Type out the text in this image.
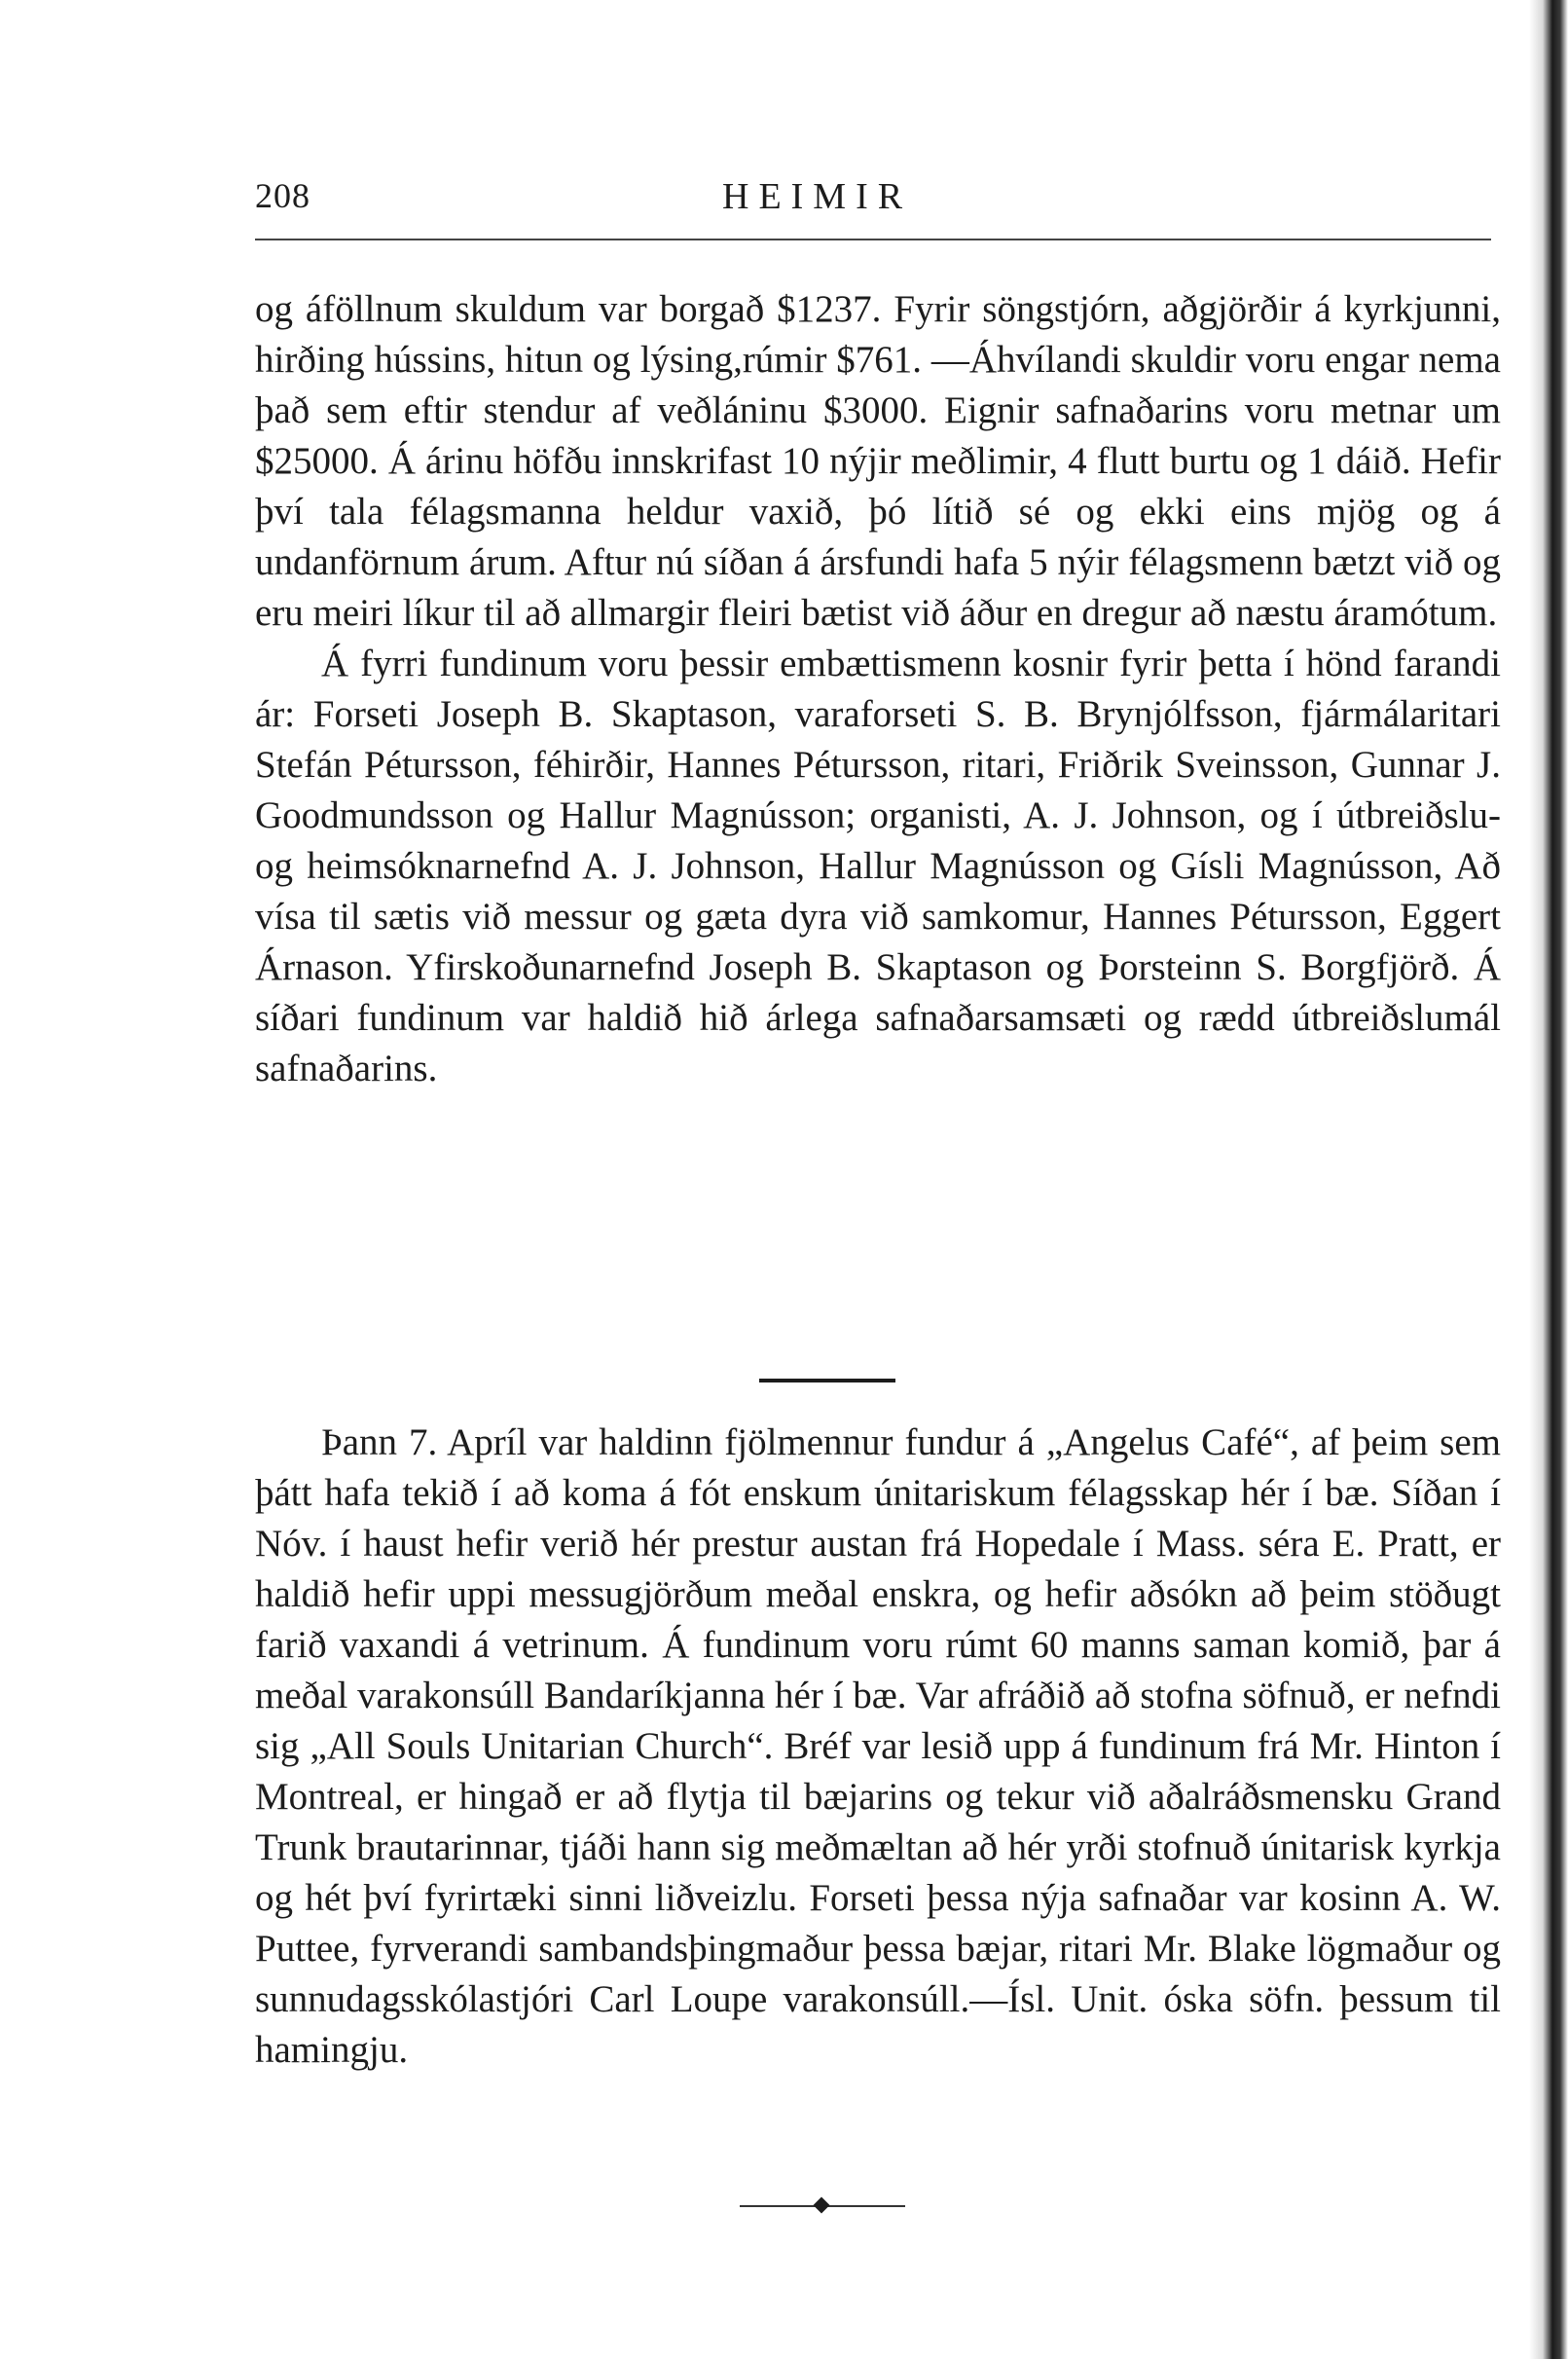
208	HEIMIR

og áföllnum skuldum var borgað $1237. Fyrir söngstjórn, aðgjörðir á kyrkjunni, hirðing hússins, hitun og lýsing,rúmir $761. —Áhvílandi skuldir voru engar nema það sem eftir stendur af veðláninu $3000. Eignir safnaðarins voru metnar um $25000. Á árinu höfðu innskrifast 10 nýjir meðlimir, 4 flutt burtu og 1 dáið. Hefir því tala félagsmanna heldur vaxið, þó lítið sé og ekki eins mjög og á undanförnum árum. Aftur nú síðan á ársfundi hafa 5 nýir félagsmenn bætzt við og eru meiri líkur til að allmargir fleiri bætist við áður en dregur að næstu áramótum.

Á fyrri fundinum voru þessir embættismenn kosnir fyrir þetta í hönd farandi ár: Forseti Joseph B. Skaptason, varaforseti S. B. Brynjólfsson, fjármálaritari Stefán Pétursson, féhirðir, Hannes Pétursson, ritari, Friðrik Sveinsson, Gunnar J. Goodmundsson og Hallur Magnússon; organisti, A. J. Johnson, og í útbreiðslu- og heimsóknarnefnd A. J. Johnson, Hallur Magnússon og Gísli Magnússon, Að vísa til sætis við messur og gæta dyra við samkomur, Hannes Pétursson, Eggert Árnason. Yfirskoðunarnefnd Joseph B. Skaptason og Þorsteinn S. Borgfjörð. Á síðari fundinum var haldið hið árlega safnaðarsamsæti og rædd útbreiðslumál safnaðarins.

Þann 7. Apríl var haldinn fjölmennur fundur á „Angelus Café“, af þeim sem þátt hafa tekið í að koma á fót enskum únitariskum félagsskap hér í bæ. Síðan í Nóv. í haust hefir verið hér prestur austan frá Hopedale í Mass. séra E. Pratt, er haldið hefir uppi messugjörðum meðal enskra, og hefir aðsókn að þeim stöðugt farið vaxandi á vetrinum. Á fundinum voru rúmt 60 manns saman komið, þar á meðal varakonsúll Bandaríkjanna hér í bæ. Var afráðið að stofna söfnuð, er nefndi sig „All Souls Unitarian Church“. Bréf var lesið upp á fundinum frá Mr. Hinton í Montreal, er hingað er að flytja til bæjarins og tekur við aðalráðsmensku Grand Trunk brautarinnar, tjáði hann sig meðmæltan að hér yrði stofnuð únitarisk kyrkja og hét því fyrirtæki sinni liðveizlu. Forseti þessa nýja safnaðar var kosinn A. W. Puttee, fyrverandi sambandsþingmaður þessa bæjar, ritari Mr. Blake lögmaður og sunnudagsskólastjóri Carl Loupe varakonsúll.—Ísl. Unit. óska söfn. þessum til hamingju.
